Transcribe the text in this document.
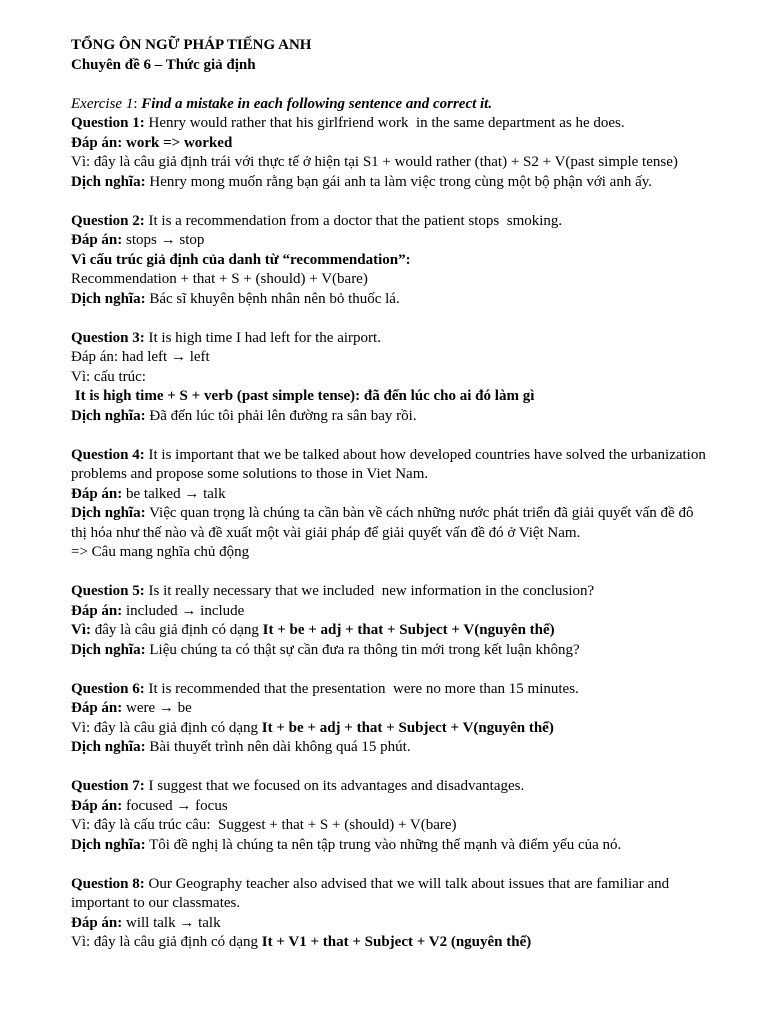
TỔNG ÔN NGỮ PHÁP TIẾNG ANH

Chuyên đề 6 – Thức giả định

Exercise 1: Find a mistake in each following sentence and correct it.

Question 1: Henry would rather that his girlfriend work  in the same department as he does.

Đáp án: work => worked

Vì: đây là câu giả định trái với thực tế ở hiện tại S1 + would rather (that) + S2 + V(past simple tense)

Dịch nghĩa: Henry mong muốn rằng bạn gái anh ta làm việc trong cùng một bộ phận với anh ấy.

Question 2: It is a recommendation from a doctor that the patient stops  smoking.

Đáp án: stops → stop

Vì cấu trúc giả định của danh từ “recommendation”:

Recommendation + that + S + (should) + V(bare)

Dịch nghĩa: Bác sĩ khuyên bệnh nhân nên bỏ thuốc lá.

Question 3: It is high time I had left for the airport.

Đáp án: had left → left

Vì: cấu trúc:

It is high time + S + verb (past simple tense): đã đến lúc cho ai đó làm gì

Dịch nghĩa: Đã đến lúc tôi phải lên đường ra sân bay rồi.

Question 4: It is important that we be talked about how developed countries have solved the urbanization

problems and propose some solutions to those in Viet Nam.

Đáp án: be talked → talk

Dịch nghĩa: Việc quan trọng là chúng ta cần bàn về cách những nước phát triển đã giải quyết vấn đề đô

thị hóa như thế nào và đề xuất một vài giải pháp để giải quyết vấn đề đó ở Việt Nam.

=> Câu mang nghĩa chủ động

Question 5: Is it really necessary that we included  new information in the conclusion?

Đáp án: included → include

Vì: đây là câu giả định có dạng It + be + adj + that + Subject + V(nguyên thể)

Dịch nghĩa: Liệu chúng ta có thật sự cần đưa ra thông tin mới trong kết luận không?

Question 6: It is recommended that the presentation  were no more than 15 minutes.

Đáp án: were → be

Vì: đây là câu giả định có dạng It + be + adj + that + Subject + V(nguyên thể)

Dịch nghĩa: Bài thuyết trình nên dài không quá 15 phút.

Question 7: I suggest that we focused on its advantages and disadvantages.

Đáp án: focused → focus

Vì: đây là cấu trúc câu:  Suggest + that + S + (should) + V(bare)

Dịch nghĩa: Tôi đề nghị là chúng ta nên tập trung vào những thế mạnh và điểm yếu của nó.

Question 8: Our Geography teacher also advised that we will talk about issues that are familiar and

important to our classmates.

Đáp án: will talk → talk

Vì: đây là câu giả định có dạng It + V1 + that + Subject + V2 (nguyên thể)
